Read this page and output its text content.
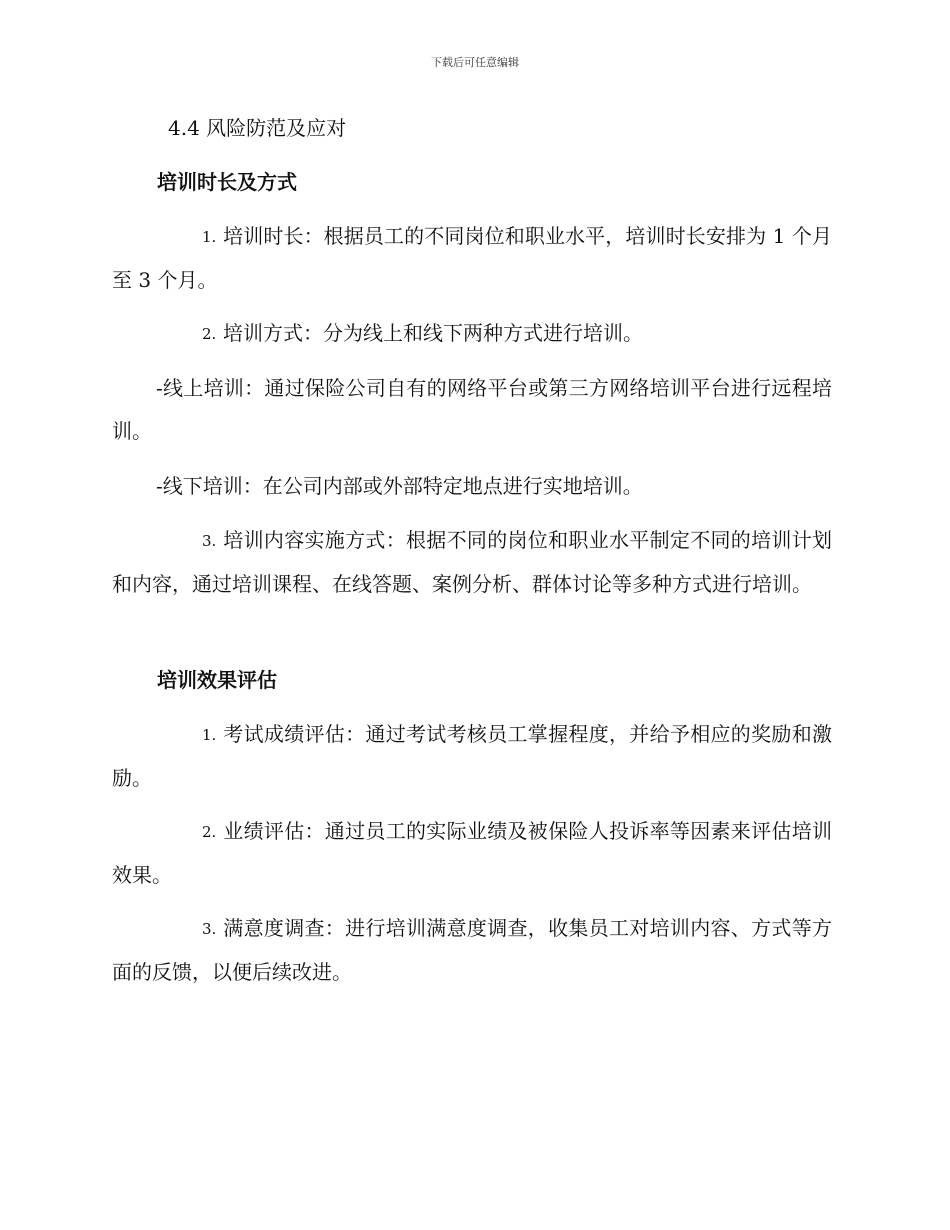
下载后可任意编辑
4.4 风险防范及应对
培训时长及方式
1. 培训时长：根据员工的不同岗位和职业水平，培训时长安排为 1 个月至 3 个月。
2. 培训方式：分为线上和线下两种方式进行培训。
-线上培训：通过保险公司自有的网络平台或第三方网络培训平台进行远程培训。
-线下培训：在公司内部或外部特定地点进行实地培训。
3. 培训内容实施方式：根据不同的岗位和职业水平制定不同的培训计划和内容，通过培训课程、在线答题、案例分析、群体讨论等多种方式进行培训。
培训效果评估
1. 考试成绩评估：通过考试考核员工掌握程度，并给予相应的奖励和激励。
2. 业绩评估：通过员工的实际业绩及被保险人投诉率等因素来评估培训效果。
3. 满意度调查：进行培训满意度调查，收集员工对培训内容、方式等方面的反馈，以便后续改进。
